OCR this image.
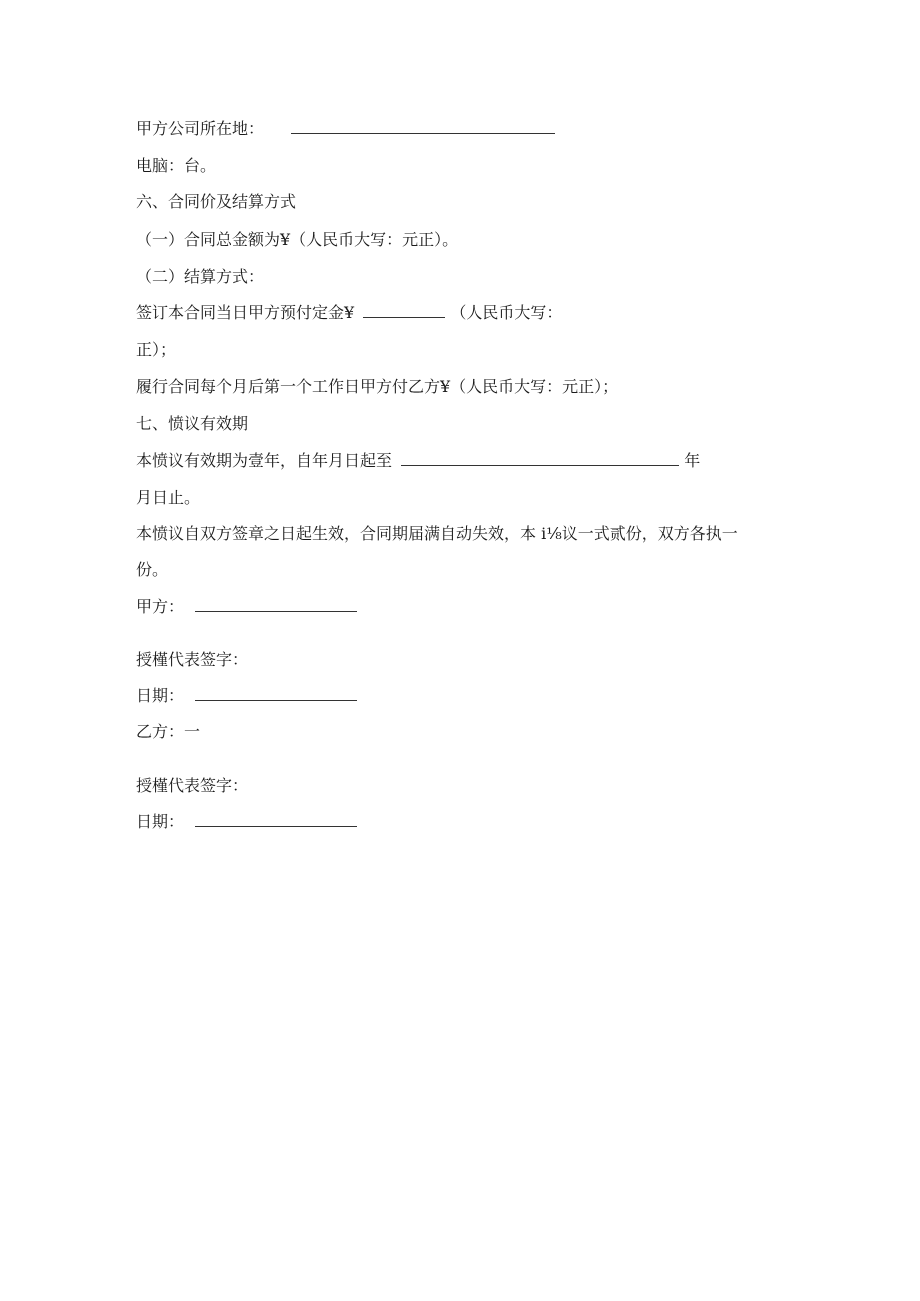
甲方公司所在地：
电脑：台。
六、合同价及结算方式
（一）合同总金额为¥（人民币大写：元正）。
（二）结算方式：
签订本合同当日甲方预付定金¥	（人民币大写：
正）；
履行合同每个月后第一个工作日甲方付乙方¥（人民币大写：元正）；
七、愤议有效期
本愤议有效期为壹年，自年月日起至	年
月日止。
本愤议自双方签章之日起生效，合同期届满自动失效，本 i⅛议一式贰份，双方各执一
份。
甲方：
授槿代表签字：
日期：
乙方：一
授槿代表签字：
日期：
